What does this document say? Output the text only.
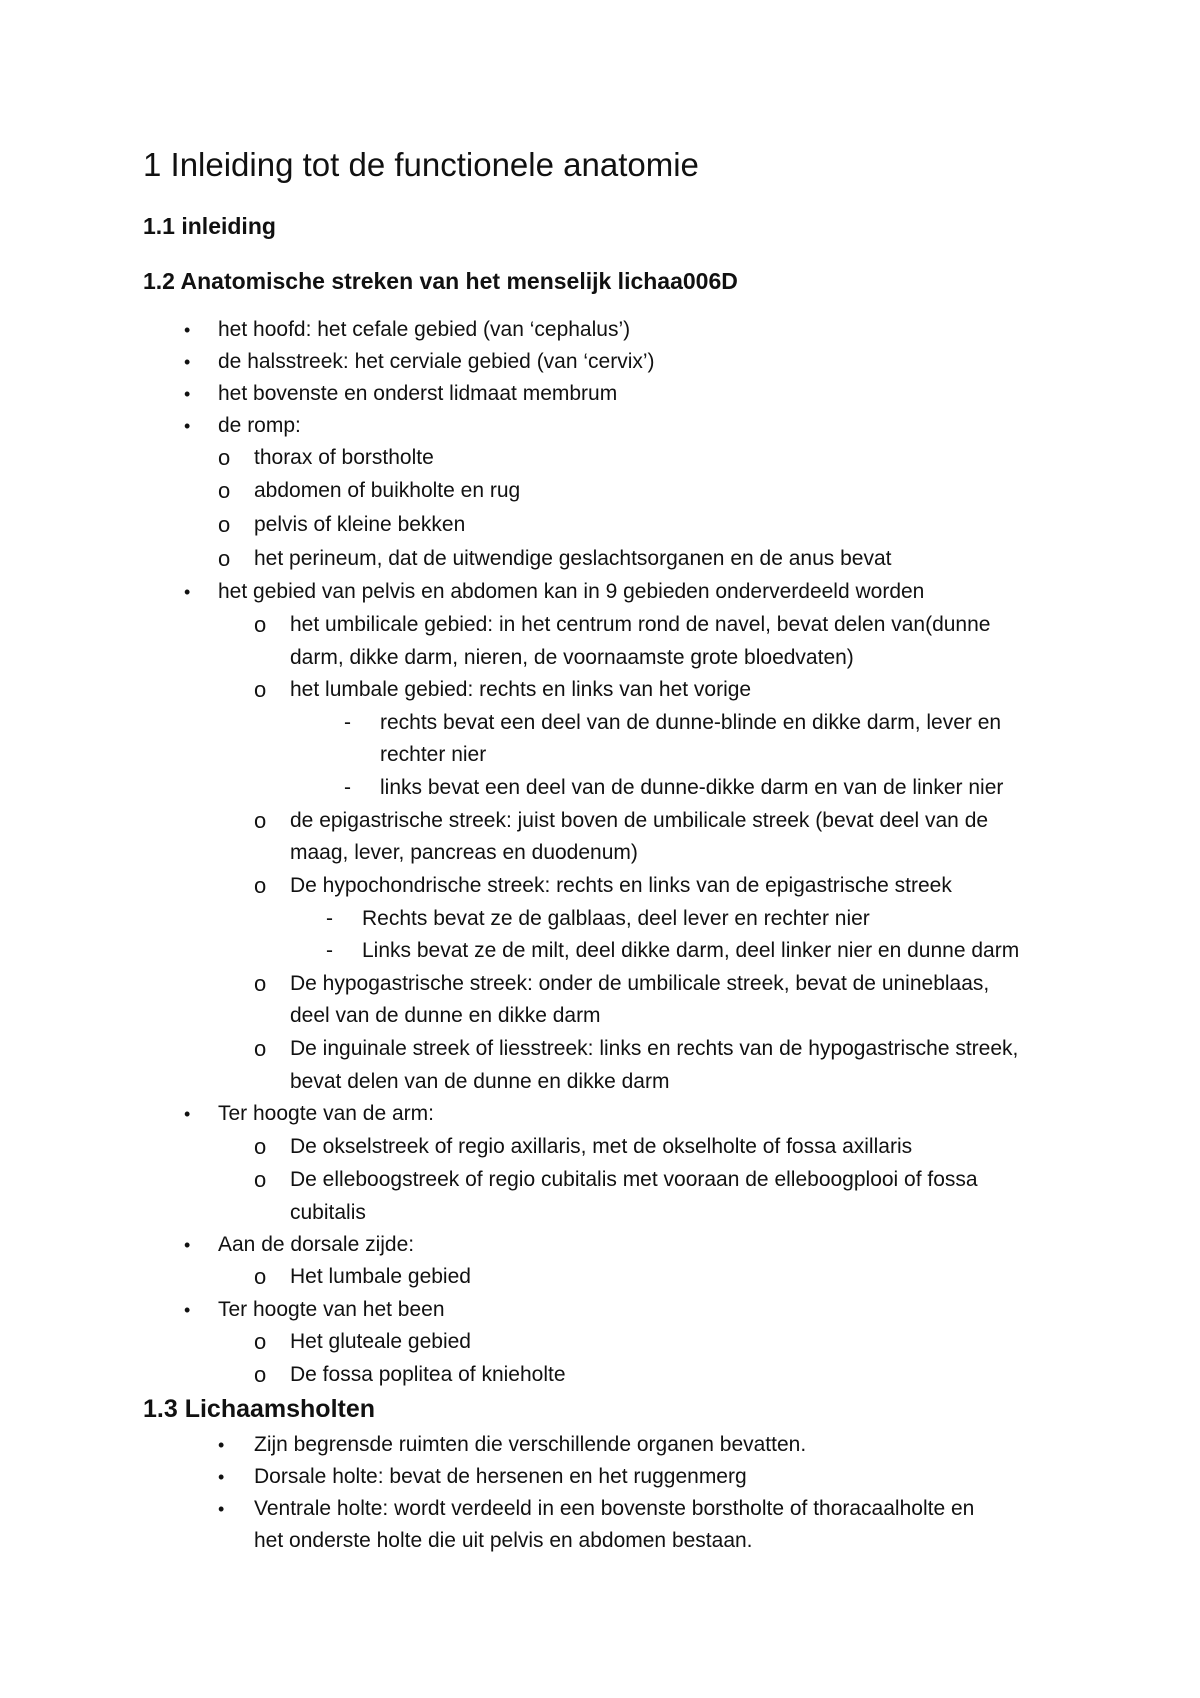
1 Inleiding tot de functionele anatomie
1.1 inleiding
1.2 Anatomische streken van het menselijk lichaa006D
• het hoofd: het cefale gebied (van ‘cephalus’)
• de halsstreek: het cerviale gebied (van ‘cervix’)
• het bovenste en onderst lidmaat membrum
• de romp:
o thorax of borstholte
o abdomen of buikholte en rug
o pelvis of kleine bekken
o het perineum, dat de uitwendige geslachtsorganen en de anus bevat
• het gebied van pelvis en abdomen kan in 9 gebieden onderverdeeld worden
o het umbilicale gebied: in het centrum rond de navel, bevat delen van(dunne
darm, dikke darm, nieren, de voornaamste grote bloedvaten)
o het lumbale gebied: rechts en links van het vorige
- rechts bevat een deel van de dunne-blinde en dikke darm, lever en
rechter nier
- links bevat een deel van de dunne-dikke darm en van de linker nier
o de epigastrische streek: juist boven de umbilicale streek (bevat deel van de
maag, lever, pancreas en duodenum)
o De hypochondrische streek: rechts en links van de epigastrische streek
- Rechts bevat ze de galblaas, deel lever en rechter nier
- Links bevat ze de milt, deel dikke darm, deel linker nier en dunne darm
o De hypogastrische streek: onder de umbilicale streek, bevat de unineblaas,
deel van de dunne en dikke darm
o De inguinale streek of liesstreek: links en rechts van de hypogastrische streek,
bevat delen van de dunne en dikke darm
• Ter hoogte van de arm:
o De okselstreek of regio axillaris, met de okselholte of fossa axillaris
o De elleboogstreek of regio cubitalis met vooraan de elleboogplooi of fossa
cubitalis
• Aan de dorsale zijde:
o Het lumbale gebied
• Ter hoogte van het been
o Het gluteale gebied
o De fossa poplitea of knieholte
1.3 Lichaamsholten
• Zijn begrensde ruimten die verschillende organen bevatten.
• Dorsale holte: bevat de hersenen en het ruggenmerg
• Ventrale holte: wordt verdeeld in een bovenste borstholte of thoracaalholte en
het onderste holte die uit pelvis en abdomen bestaan.
